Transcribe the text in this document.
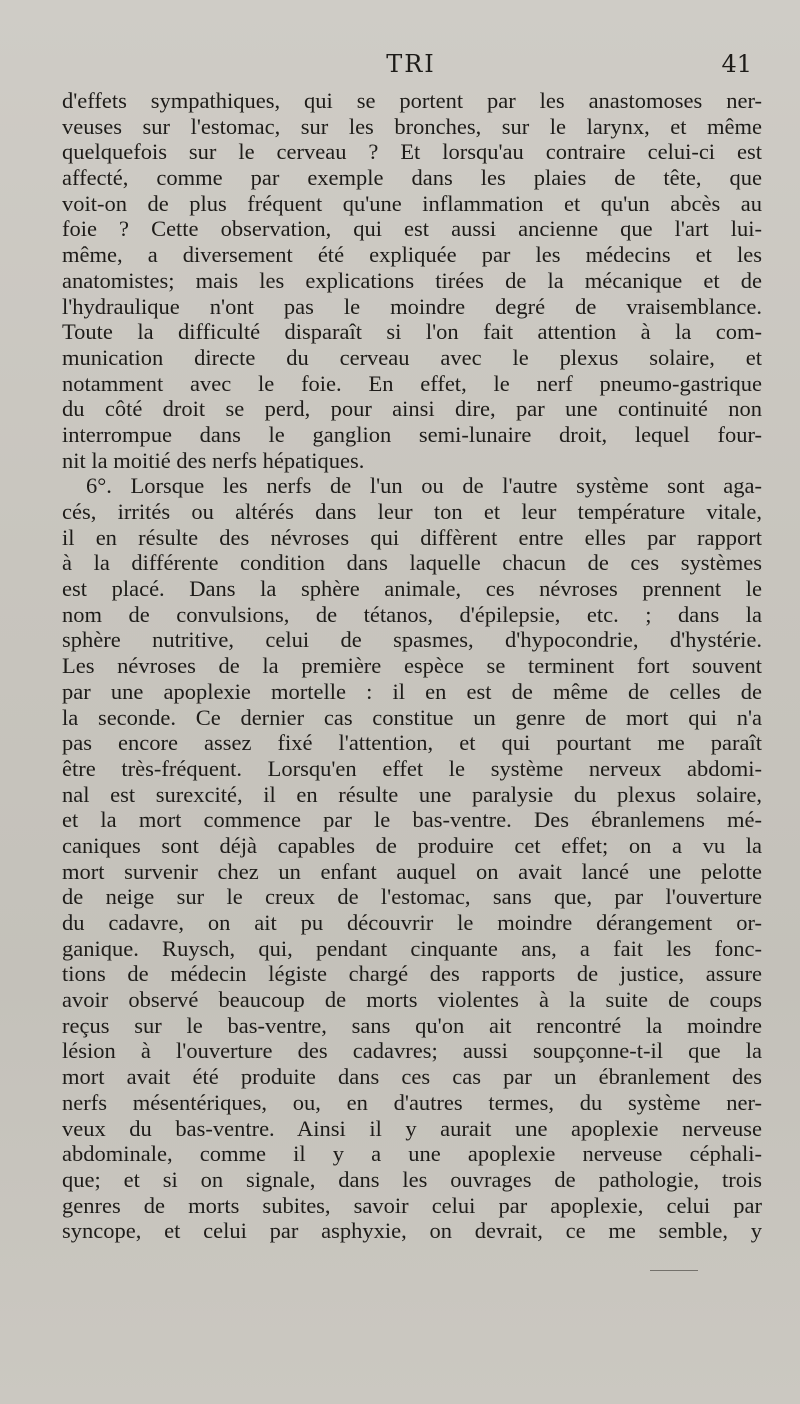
TRI	41
d'effets sympathiques, qui se portent par les anastomoses ner-
veuses sur l'estomac, sur les bronches, sur le larynx, et même
quelquefois sur le cerveau ? Et lorsqu'au contraire celui-ci est
affecté, comme par exemple dans les plaies de tête, que
voit-on de plus fréquent qu'une inflammation et qu'un abcès au
foie ? Cette observation, qui est aussi ancienne que l'art lui-
même, a diversement été expliquée par les médecins et les
anatomistes; mais les explications tirées de la mécanique et de
l'hydraulique n'ont pas le moindre degré de vraisemblance.
Toute la difficulté disparaît si l'on fait attention à la com-
munication directe du cerveau avec le plexus solaire, et
notamment avec le foie. En effet, le nerf pneumo-gastrique
du côté droit se perd, pour ainsi dire, par une continuité non
interrompue dans le ganglion semi-lunaire droit, lequel four-
nit la moitié des nerfs hépatiques.
6°. Lorsque les nerfs de l'un ou de l'autre système sont aga-
cés, irrités ou altérés dans leur ton et leur température vitale,
il en résulte des névroses qui diffèrent entre elles par rapport
à la différente condition dans laquelle chacun de ces systèmes
est placé. Dans la sphère animale, ces névroses prennent le
nom de convulsions, de tétanos, d'épilepsie, etc. ; dans la
sphère nutritive, celui de spasmes, d'hypocondrie, d'hystérie.
Les névroses de la première espèce se terminent fort souvent
par une apoplexie mortelle : il en est de même de celles de
la seconde. Ce dernier cas constitue un genre de mort qui n'a
pas encore assez fixé l'attention, et qui pourtant me paraît
être très-fréquent. Lorsqu'en effet le système nerveux abdomi-
nal est surexcité, il en résulte une paralysie du plexus solaire,
et la mort commence par le bas-ventre. Des ébranlemens mé-
caniques sont déjà capables de produire cet effet; on a vu la
mort survenir chez un enfant auquel on avait lancé une pelotte
de neige sur le creux de l'estomac, sans que, par l'ouverture
du cadavre, on ait pu découvrir le moindre dérangement or-
ganique. Ruysch, qui, pendant cinquante ans, a fait les fonc-
tions de médecin légiste chargé des rapports de justice, assure
avoir observé beaucoup de morts violentes à la suite de coups
reçus sur le bas-ventre, sans qu'on ait rencontré la moindre
lésion à l'ouverture des cadavres; aussi soupçonne-t-il que la
mort avait été produite dans ces cas par un ébranlement des
nerfs mésentériques, ou, en d'autres termes, du système ner-
veux du bas-ventre. Ainsi il y aurait une apoplexie nerveuse
abdominale, comme il y a une apoplexie nerveuse céphali-
que; et si on signale, dans les ouvrages de pathologie, trois
genres de morts subites, savoir celui par apoplexie, celui par
syncope, et celui par asphyxie, on devrait, ce me semble, y
